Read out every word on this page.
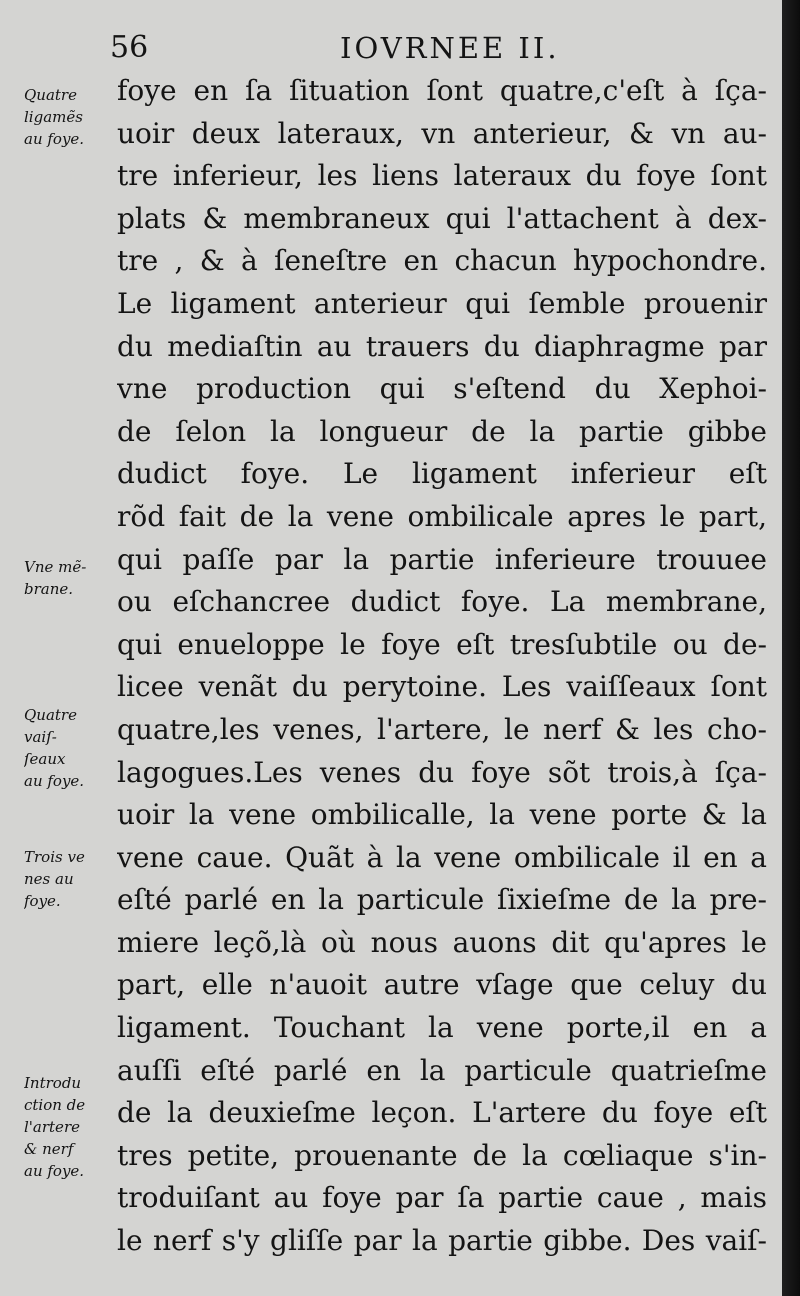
56	IOVRNEE II.
Quatre
ligamẽs
au foye.
Vne mẽ-
brane.
Quatre
vaiſ-
ſeaux
au foye.
Trois ve
nes au
foye.
Introdu
ction de
l'artere
& nerf
au foye.
foye en ſa ſituation ſont quatre,c'eſt à ſça-
uoir deux lateraux, vn anterieur, & vn au-
tre inferieur, les liens lateraux du foye ſont
plats & membraneux qui l'attachent à dex-
tre , & à ſeneſtre en chacun hypochondre.
Le ligament anterieur qui ſemble prouenir
du mediaſtin au trauers du diaphragme par
vne production qui s'eſtend du Xephoi-
de ſelon la longueur de la partie gibbe
dudict foye. Le ligament inferieur eſt
rõd fait de la vene ombilicale apres le part,
qui paſſe par la partie inferieure trouuee
ou eſchancree dudict foye. La membrane,
qui enueloppe le foye eſt tresſubtile ou de-
licee venãt du perytoine. Les vaiſſeaux ſont
quatre,les venes, l'artere, le nerf & les cho-
lagogues.Les venes du foye sõt trois,à ſça-
uoir la vene ombilicalle, la vene porte & la
vene caue. Quãt à la vene ombilicale il en a
eſté parlé en la particule ſixieſme de la pre-
miere leçõ,là où nous auons dit qu'apres le
part, elle n'auoit autre vſage que celuy du
ligament. Touchant la vene porte,il en a
auſſi eſté parlé en la particule quatrieſme
de la deuxieſme leçon. L'artere du foye eſt
tres petite, prouenante de la cœliaque s'in-
troduiſant au foye par ſa partie caue , mais
le nerf s'y gliſſe par la partie gibbe. Des vaiſ-
